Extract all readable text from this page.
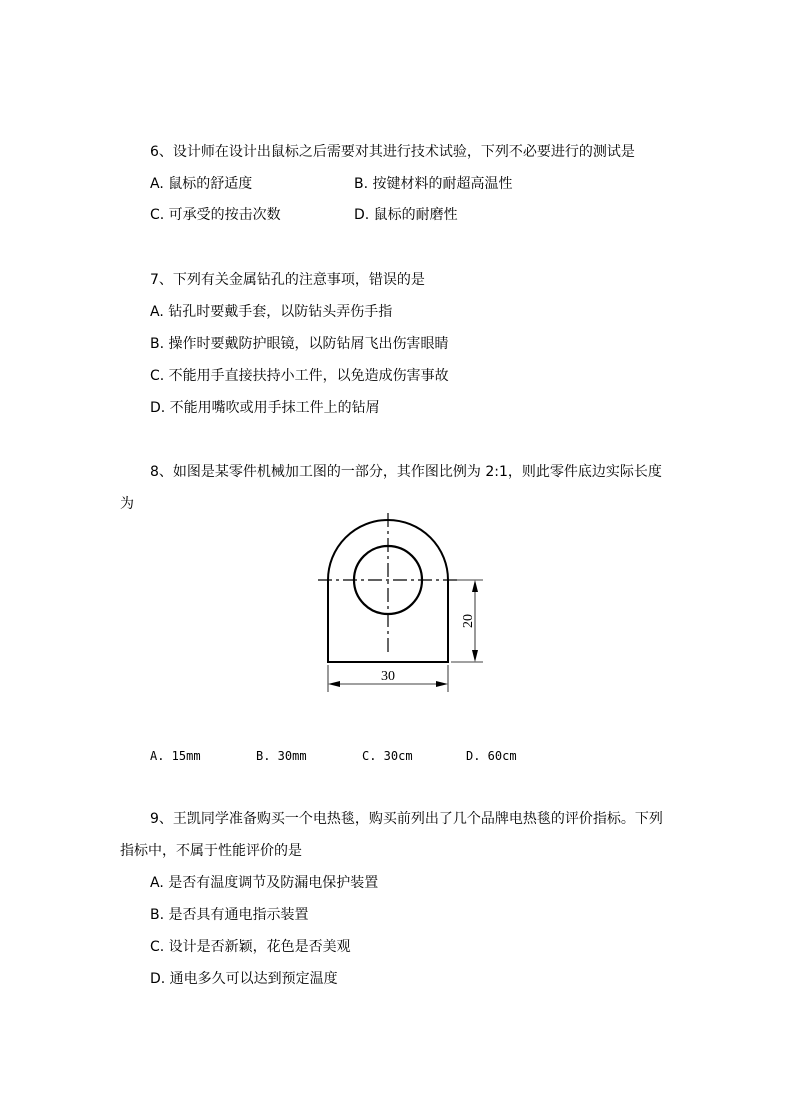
6、设计师在设计出鼠标之后需要对其进行技术试验，下列不必要进行的测试是
A. 鼠标的舒适度	B. 按键材料的耐超高温性
C. 可承受的按击次数	D. 鼠标的耐磨性
7、下列有关金属钻孔的注意事项，错误的是
A. 钻孔时要戴手套，以防钻头弄伤手指
B. 操作时要戴防护眼镜，以防钻屑飞出伤害眼睛
C. 不能用手直接扶持小工件，以免造成伤害事故
D. 不能用嘴吹或用手抹工件上的钻屑
8、如图是某零件机械加工图的一部分，其作图比例为 2:1，则此零件底边实际长度
为
20
30
A. 15mm	B. 30mm	C. 30cm	D. 60cm
9、王凯同学准备购买一个电热毯，购买前列出了几个品牌电热毯的评价指标。下列
指标中，不属于性能评价的是
A. 是否有温度调节及防漏电保护装置
B. 是否具有通电指示装置
C. 设计是否新颖，花色是否美观
D. 通电多久可以达到预定温度
